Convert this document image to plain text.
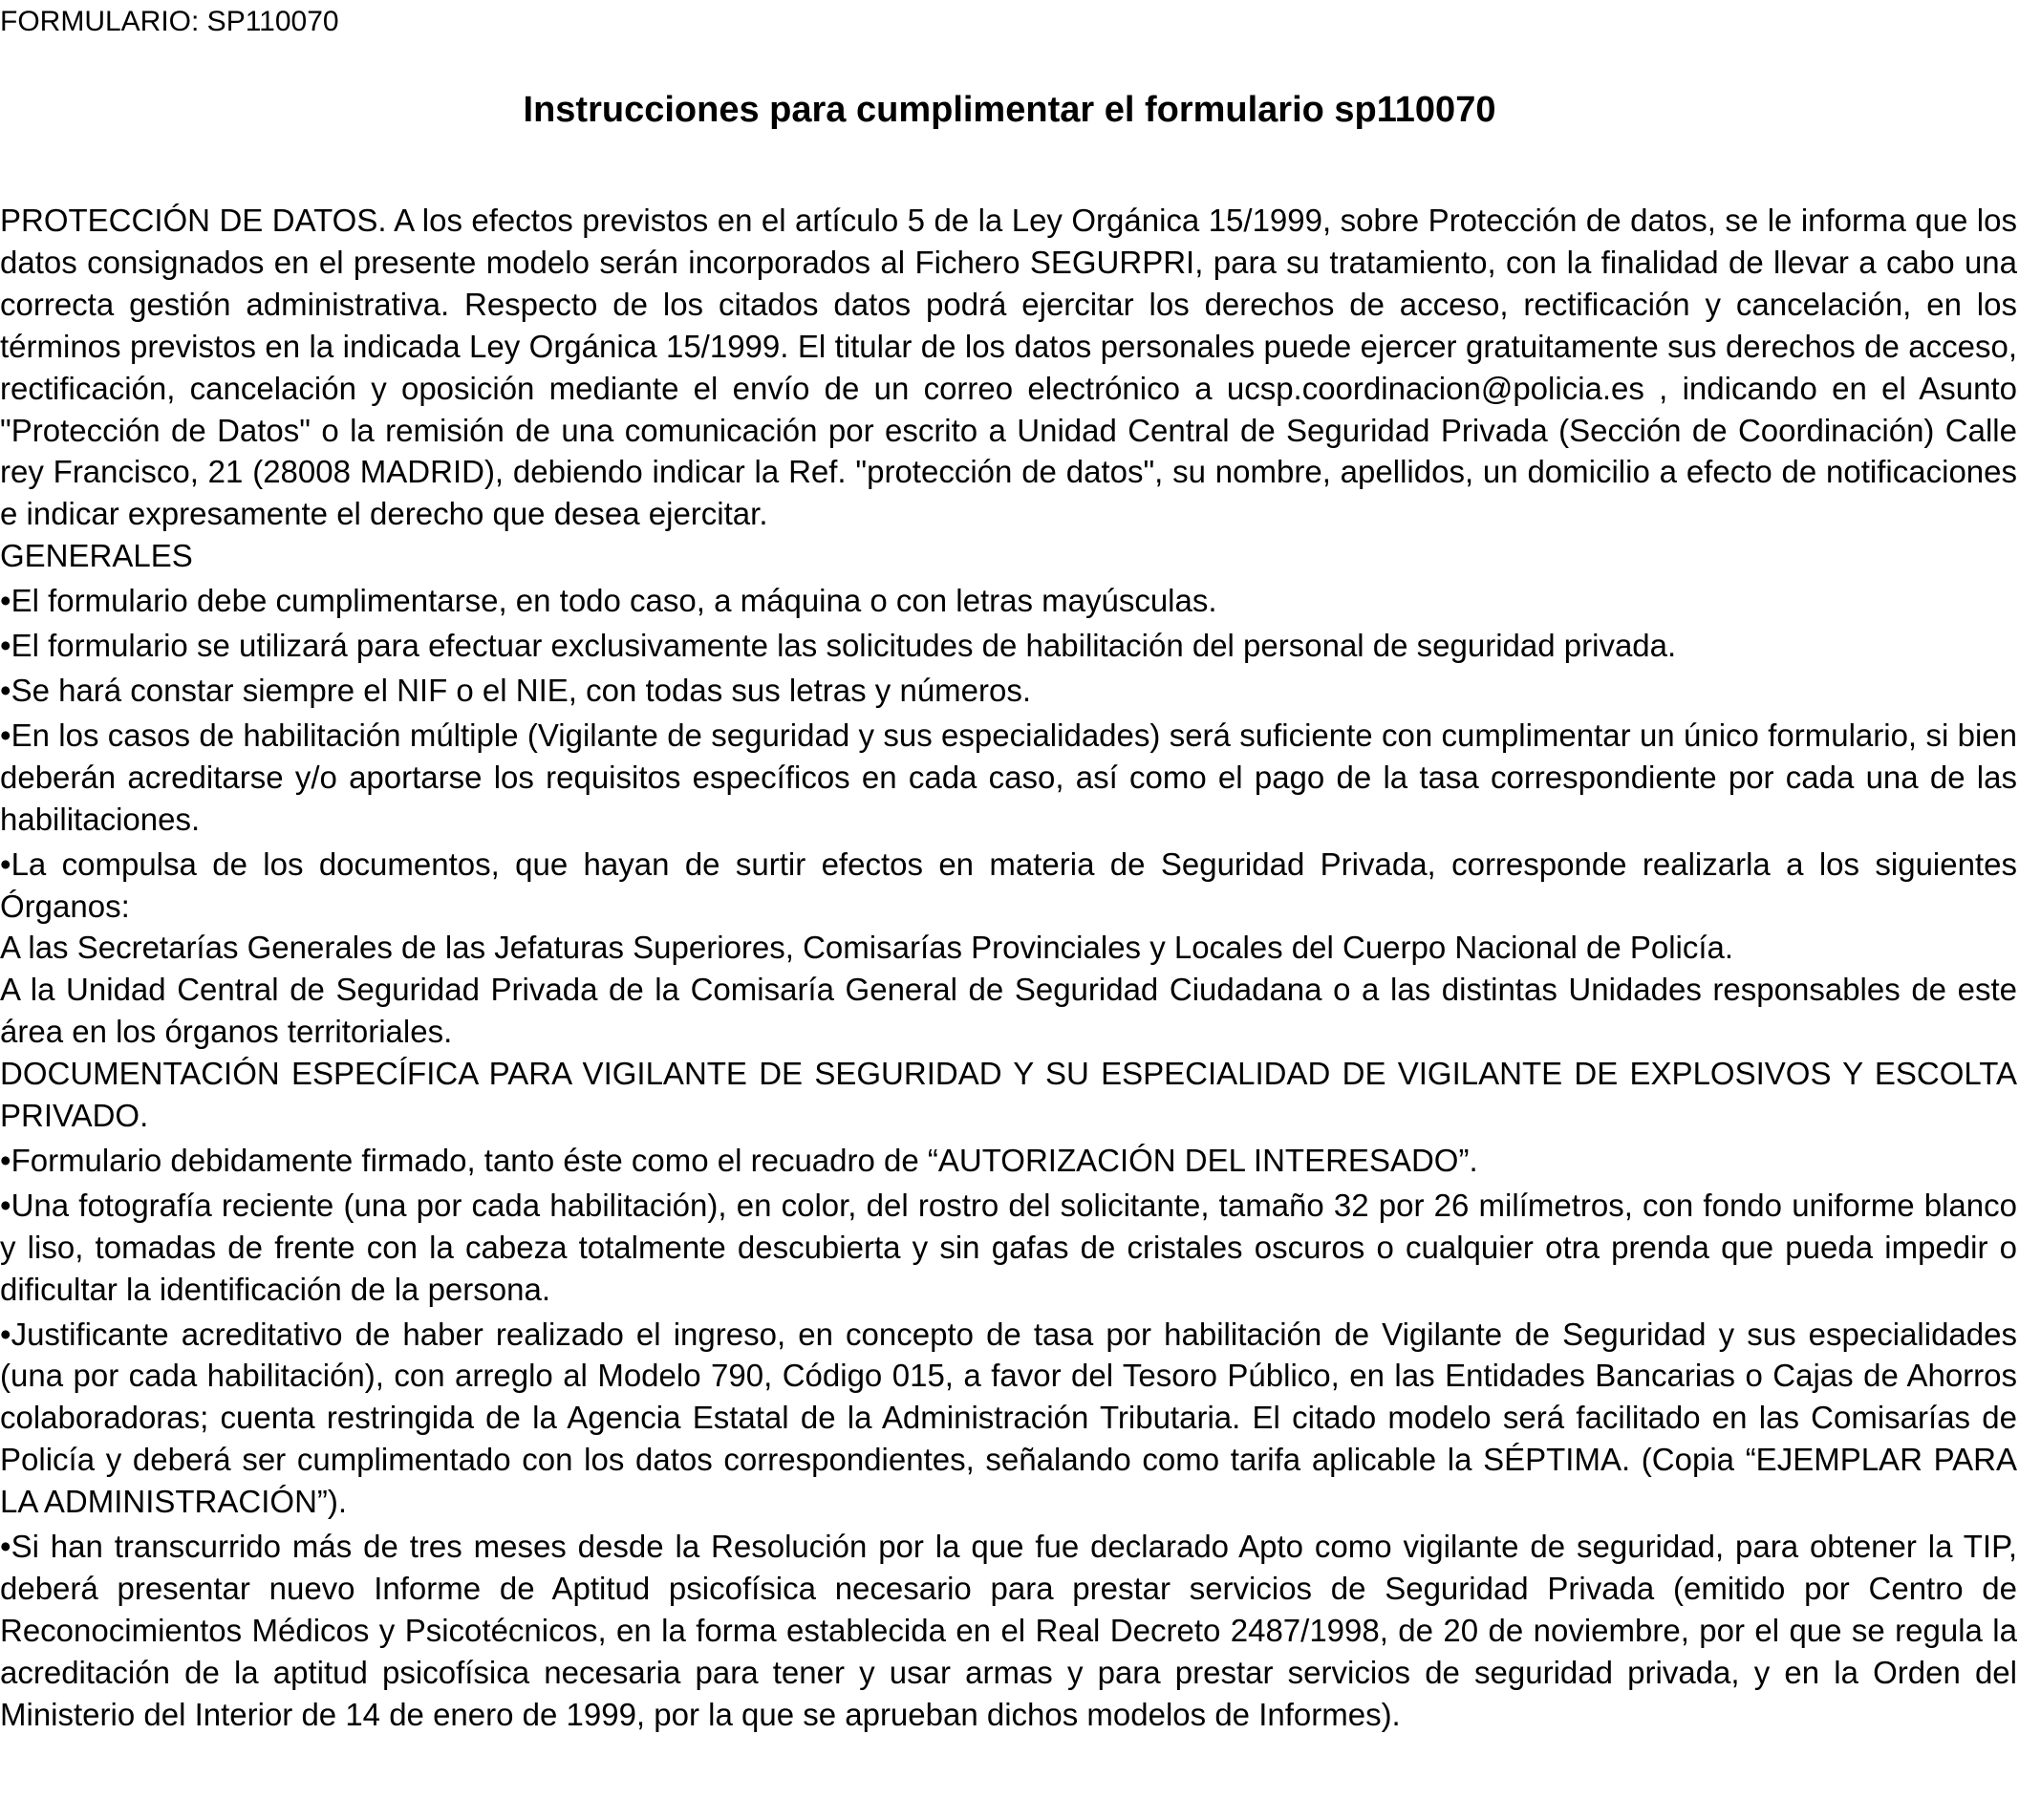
FORMULARIO: SP110070
Instrucciones para cumplimentar el formulario sp110070

PROTECCIÓN DE DATOS. A los efectos previstos en el artículo 5 de la Ley Orgánica 15/1999, sobre Protección de datos, se le informa que los datos consignados en el presente modelo serán incorporados al Fichero SEGURPRI, para su tratamiento, con la finalidad de llevar a cabo una correcta gestión administrativa. Respecto de los citados datos podrá ejercitar los derechos de acceso, rectificación y cancelación, en los términos previstos en la indicada Ley Orgánica 15/1999. El titular de los datos personales puede ejercer gratuitamente sus derechos de acceso, rectificación, cancelación y oposición mediante el envío de un correo electrónico a ucsp.coordinacion@policia.es , indicando en el Asunto "Protección de Datos" o la remisión de una comunicación por escrito a Unidad Central de Seguridad Privada (Sección de Coordinación) Calle rey Francisco, 21 (28008 MADRID), debiendo indicar la Ref. "protección de datos", su nombre, apellidos, un domicilio a efecto de notificaciones e indicar expresamente el derecho que desea ejercitar.

GENERALES
•El formulario debe cumplimentarse, en todo caso, a máquina o con letras mayúsculas.
•El formulario se utilizará para efectuar exclusivamente las solicitudes de habilitación del personal de seguridad privada.
•Se hará constar siempre el NIF o el NIE, con todas sus letras y números.
•En los casos de habilitación múltiple (Vigilante de seguridad y sus especialidades) será suficiente con cumplimentar un único formulario, si bien deberán acreditarse y/o aportarse los requisitos específicos en cada caso, así como el pago de la tasa correspondiente por cada una de las habilitaciones.
•La compulsa de los documentos, que hayan de surtir efectos en materia de Seguridad Privada, corresponde realizarla a los siguientes Órganos:

A las Secretarías Generales de las Jefaturas Superiores, Comisarías Provinciales y Locales del Cuerpo Nacional de Policía.

A la Unidad Central de Seguridad Privada de la Comisaría General de Seguridad Ciudadana o a las distintas Unidades responsables de este área en los órganos territoriales.

DOCUMENTACIÓN ESPECÍFICA PARA VIGILANTE DE SEGURIDAD Y SU ESPECIALIDAD DE VIGILANTE DE EXPLOSIVOS Y ESCOLTA PRIVADO.
•Formulario debidamente firmado, tanto éste como el recuadro de “AUTORIZACIÓN DEL INTERESADO”.
•Una fotografía reciente (una por cada habilitación), en color, del rostro del solicitante, tamaño 32 por 26 milímetros, con fondo uniforme blanco y liso, tomadas de frente con la cabeza totalmente descubierta y sin gafas de cristales oscuros o cualquier otra prenda que pueda impedir o dificultar la identificación de la persona.
•Justificante acreditativo de haber realizado el ingreso, en concepto de tasa por habilitación de Vigilante de Seguridad y sus especialidades (una por cada habilitación), con arreglo al Modelo 790, Código 015, a favor del Tesoro Público, en las Entidades Bancarias o Cajas de Ahorros colaboradoras; cuenta restringida de la Agencia Estatal de la Administración Tributaria. El citado modelo será facilitado en las Comisarías de Policía y deberá ser cumplimentado con los datos correspondientes, señalando como tarifa aplicable la SÉPTIMA. (Copia “EJEMPLAR PARA LA ADMINISTRACIÓN”).
•Si han transcurrido más de tres meses desde la Resolución por la que fue declarado Apto como vigilante de seguridad, para obtener la TIP, deberá presentar nuevo Informe de Aptitud psicofísica necesario para prestar servicios de Seguridad Privada (emitido por Centro de Reconocimientos Médicos y Psicotécnicos, en la forma establecida en el Real Decreto 2487/1998, de 20 de noviembre, por el que se regula la acreditación de la aptitud psicofísica necesaria para tener y usar armas y para prestar servicios de seguridad privada, y en la Orden del Ministerio del Interior de 14 de enero de 1999, por la que se aprueban dichos modelos de Informes).
